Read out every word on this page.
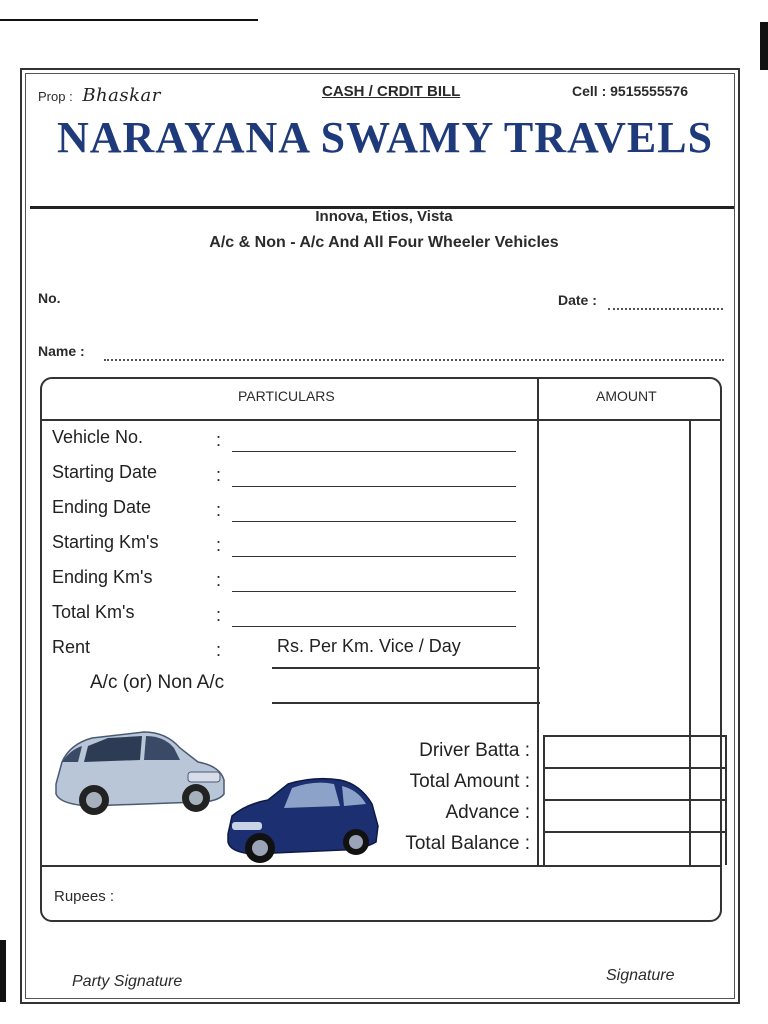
Prop : Bhaskar	CASH / CRDIT BILL	Cell : 9515555576
NARAYANA SWAMY TRAVELS
Innova, Etios, Vista
A/c & Non - A/c And All Four Wheeler Vehicles
No.	Date :
Name :
PARTICULARS	AMOUNT
Vehicle No.	:
Starting Date	:
Ending Date	:
Starting Km's	:
Ending Km's	:
Total Km's	:
Rent	:	Rs. Per Km. Vice / Day
A/c (or) Non A/c
Driver Batta :
Total Amount :
Advance :
Total Balance :
Rupees :
Party Signature	Signature
